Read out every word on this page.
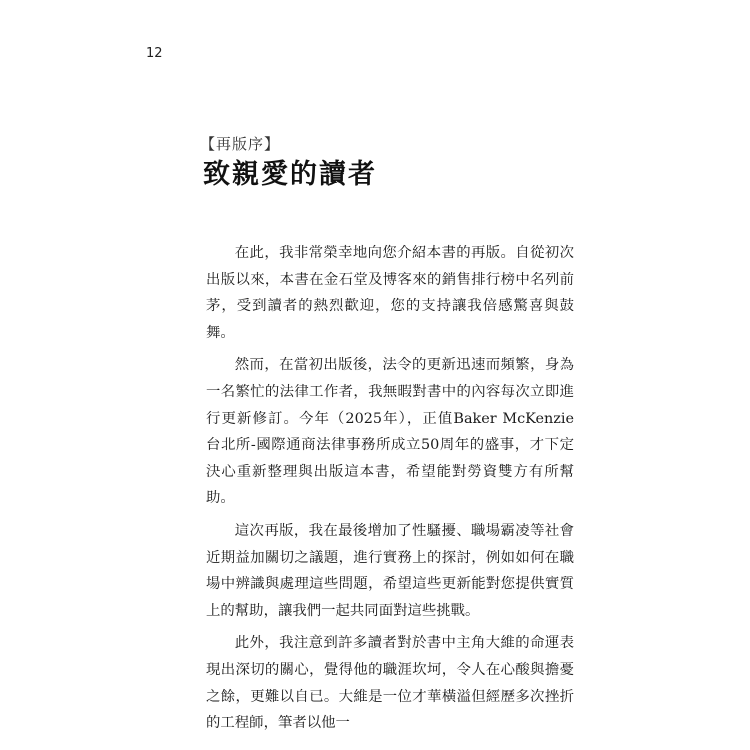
12
【再版序】
致親愛的讀者

在此，我非常榮幸地向您介紹本書的再版。自從初次出版以來，本書在金石堂及博客來的銷售排行榜中名列前茅，受到讀者的熱烈歡迎，您的支持讓我倍感驚喜與鼓舞。

然而，在當初出版後，法令的更新迅速而頻繁，身為一名繁忙的法律工作者，我無暇對書中的內容每次立即進行更新修訂。今年（2025年），正值Baker McKenzie 台北所-國際通商法律事務所成立50周年的盛事，才下定決心重新整理與出版這本書，希望能對勞資雙方有所幫助。

這次再版，我在最後增加了性騷擾、職場霸凌等社會近期益加關切之議題，進行實務上的探討，例如如何在職場中辨識與處理這些問題，希望這些更新能對您提供實質上的幫助，讓我們一起共同面對這些挑戰。

此外，我注意到許多讀者對於書中主角大維的命運表現出深切的關心，覺得他的職涯坎坷，令人在心酸與擔憂之餘，更難以自已。大維是一位才華橫溢但經歷多次挫折的工程師，筆者以他一
